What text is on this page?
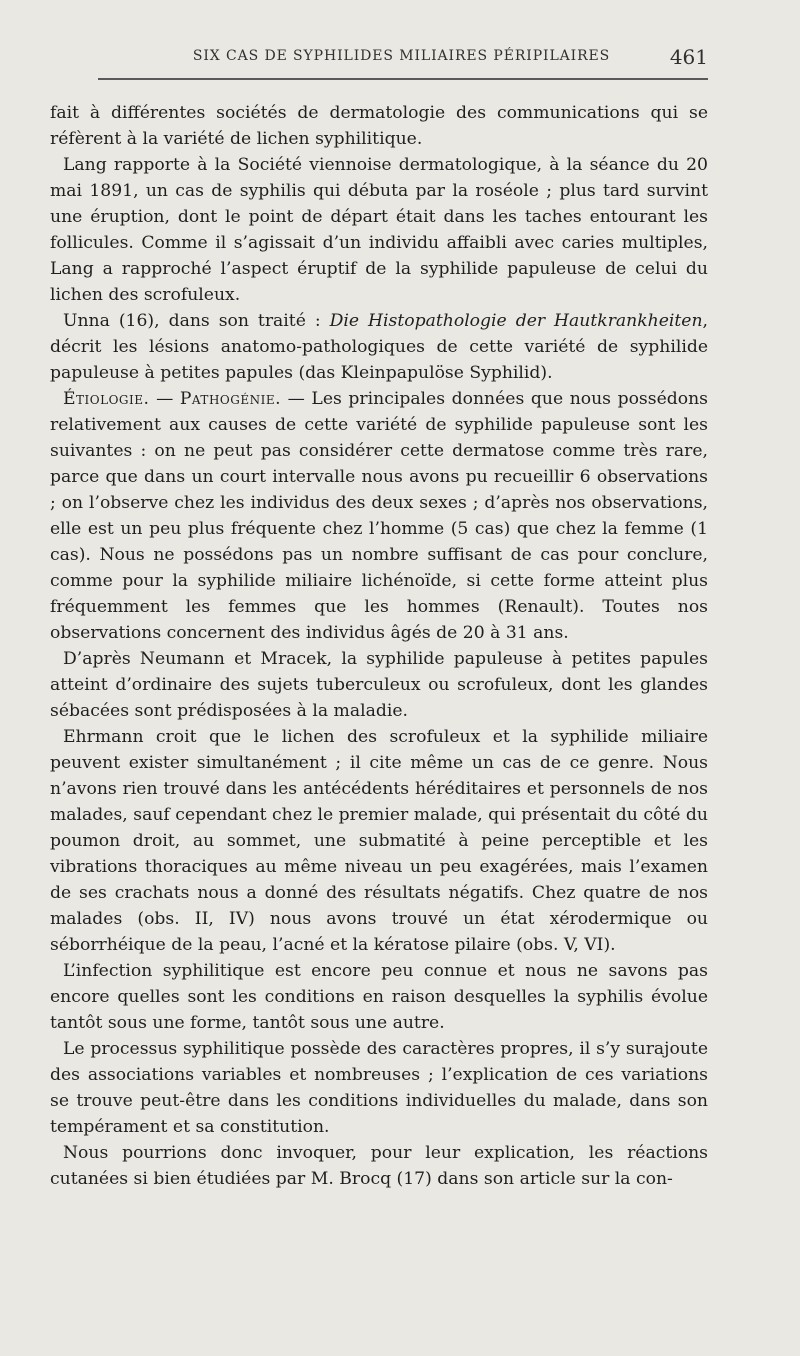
SIX CAS DE SYPHILIDES MILIAIRES PÉRIPILAIRES	461

fait à différentes sociétés de dermatologie des communications qui se réfèrent à la variété de lichen syphilitique.

Lang rapporte à la Société viennoise dermatologique, à la séance du 20 mai 1891, un cas de syphilis qui débuta par la roséole ; plus tard survint une éruption, dont le point de départ était dans les taches entourant les follicules. Comme il s’agissait d’un individu affaibli avec caries multiples, Lang a rapproché l’aspect éruptif de la syphilide papuleuse de celui du lichen des scrofuleux.

Unna (16), dans son traité : Die Histopathologie der Hautkrankheiten, décrit les lésions anatomo-pathologiques de cette variété de syphilide papuleuse à petites papules (das Kleinpapulöse Syphilid).

Étiologie. — Pathogénie. — Les principales données que nous possédons relativement aux causes de cette variété de syphilide papuleuse sont les suivantes : on ne peut pas considérer cette dermatose comme très rare, parce que dans un court intervalle nous avons pu recueillir 6 observations ; on l’observe chez les individus des deux sexes ; d’après nos observations, elle est un peu plus fréquente chez l’homme (5 cas) que chez la femme (1 cas). Nous ne possédons pas un nombre suffisant de cas pour conclure, comme pour la syphilide miliaire lichénoïde, si cette forme atteint plus fréquemment les femmes que les hommes (Renault). Toutes nos observations concernent des individus âgés de 20 à 31 ans.

D’après Neumann et Mracek, la syphilide papuleuse à petites papules atteint d’ordinaire des sujets tuberculeux ou scrofuleux, dont les glandes sébacées sont prédisposées à la maladie.

Ehrmann croit que le lichen des scrofuleux et la syphilide miliaire peuvent exister simultanément ; il cite même un cas de ce genre. Nous n’avons rien trouvé dans les antécédents héréditaires et personnels de nos malades, sauf cependant chez le premier malade, qui présentait du côté du poumon droit, au sommet, une submatité à peine perceptible et les vibrations thoraciques au même niveau un peu exagérées, mais l’examen de ses crachats nous a donné des résultats négatifs. Chez quatre de nos malades (obs. II, IV) nous avons trouvé un état xérodermique ou séborrhéique de la peau, l’acné et la kératose pilaire (obs. V, VI).

L’infection syphilitique est encore peu connue et nous ne savons pas encore quelles sont les conditions en raison desquelles la syphilis évolue tantôt sous une forme, tantôt sous une autre.

Le processus syphilitique possède des caractères propres, il s’y surajoute des associations variables et nombreuses ; l’explication de ces variations se trouve peut-être dans les conditions individuelles du malade, dans son tempérament et sa constitution.

Nous pourrions donc invoquer, pour leur explication, les réactions cutanées si bien étudiées par M. Brocq (17) dans son article sur la con-
